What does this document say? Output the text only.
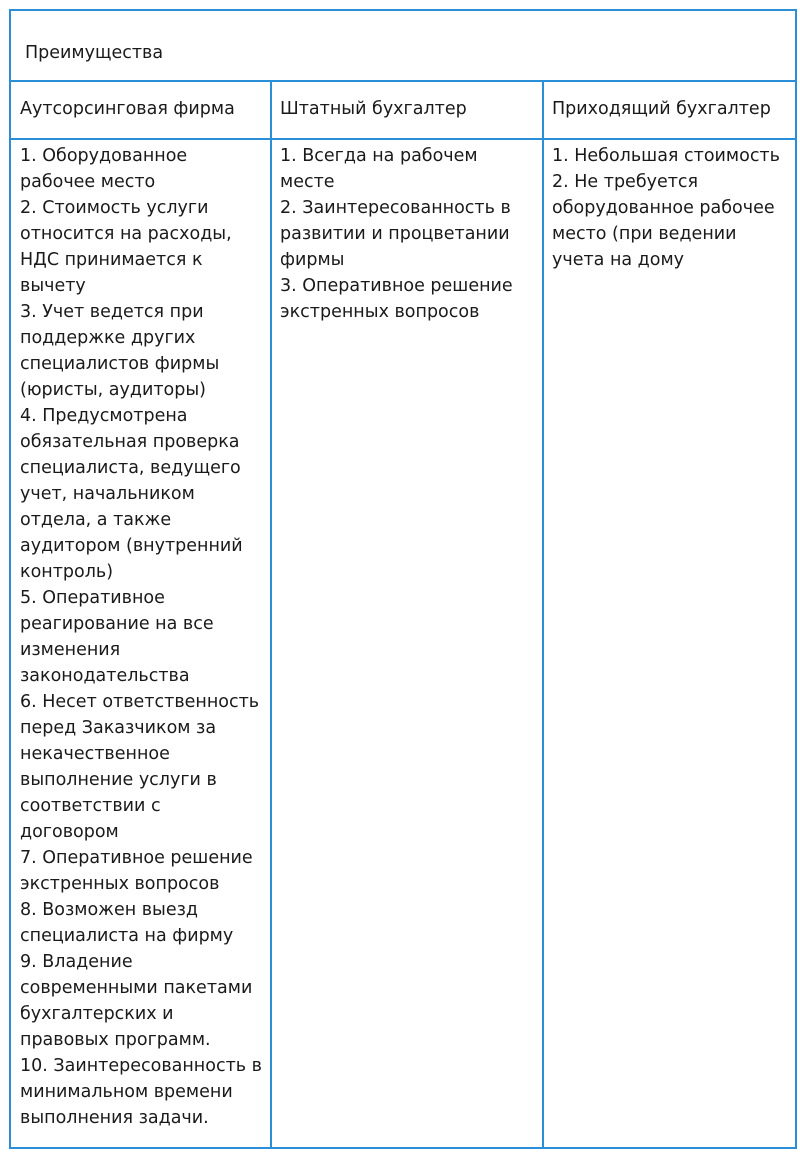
Преимущества
Аутсорсинговая фирма	Штатный бухгалтер	Приходящий бухгалтер
1. Оборудованное рабочее место
2. Стоимость услуги относится на расходы, НДС принимается к вычету
3. Учет ведется при поддержке других специалистов фирмы (юристы, аудиторы)
4. Предусмотрена обязательная проверка специалиста, ведущего учет, начальником отдела, а также аудитором (внутренний контроль)
5. Оперативное реагирование на все изменения законодательства
6. Несет ответственность перед Заказчиком за некачественное выполнение услуги в соответствии с договором
7. Оперативное решение экстренных вопросов
8. Возможен выезд специалиста на фирму
9. Владение современными пакетами бухгалтерских и правовых программ.
10. Заинтересованность в минимальном времени выполнения задачи.
1. Всегда на рабочем месте
2. Заинтересованность в развитии и процветании фирмы
3. Оперативное решение экстренных вопросов
1. Небольшая стоимость
2. Не требуется оборудованное рабочее место (при ведении учета на дому
